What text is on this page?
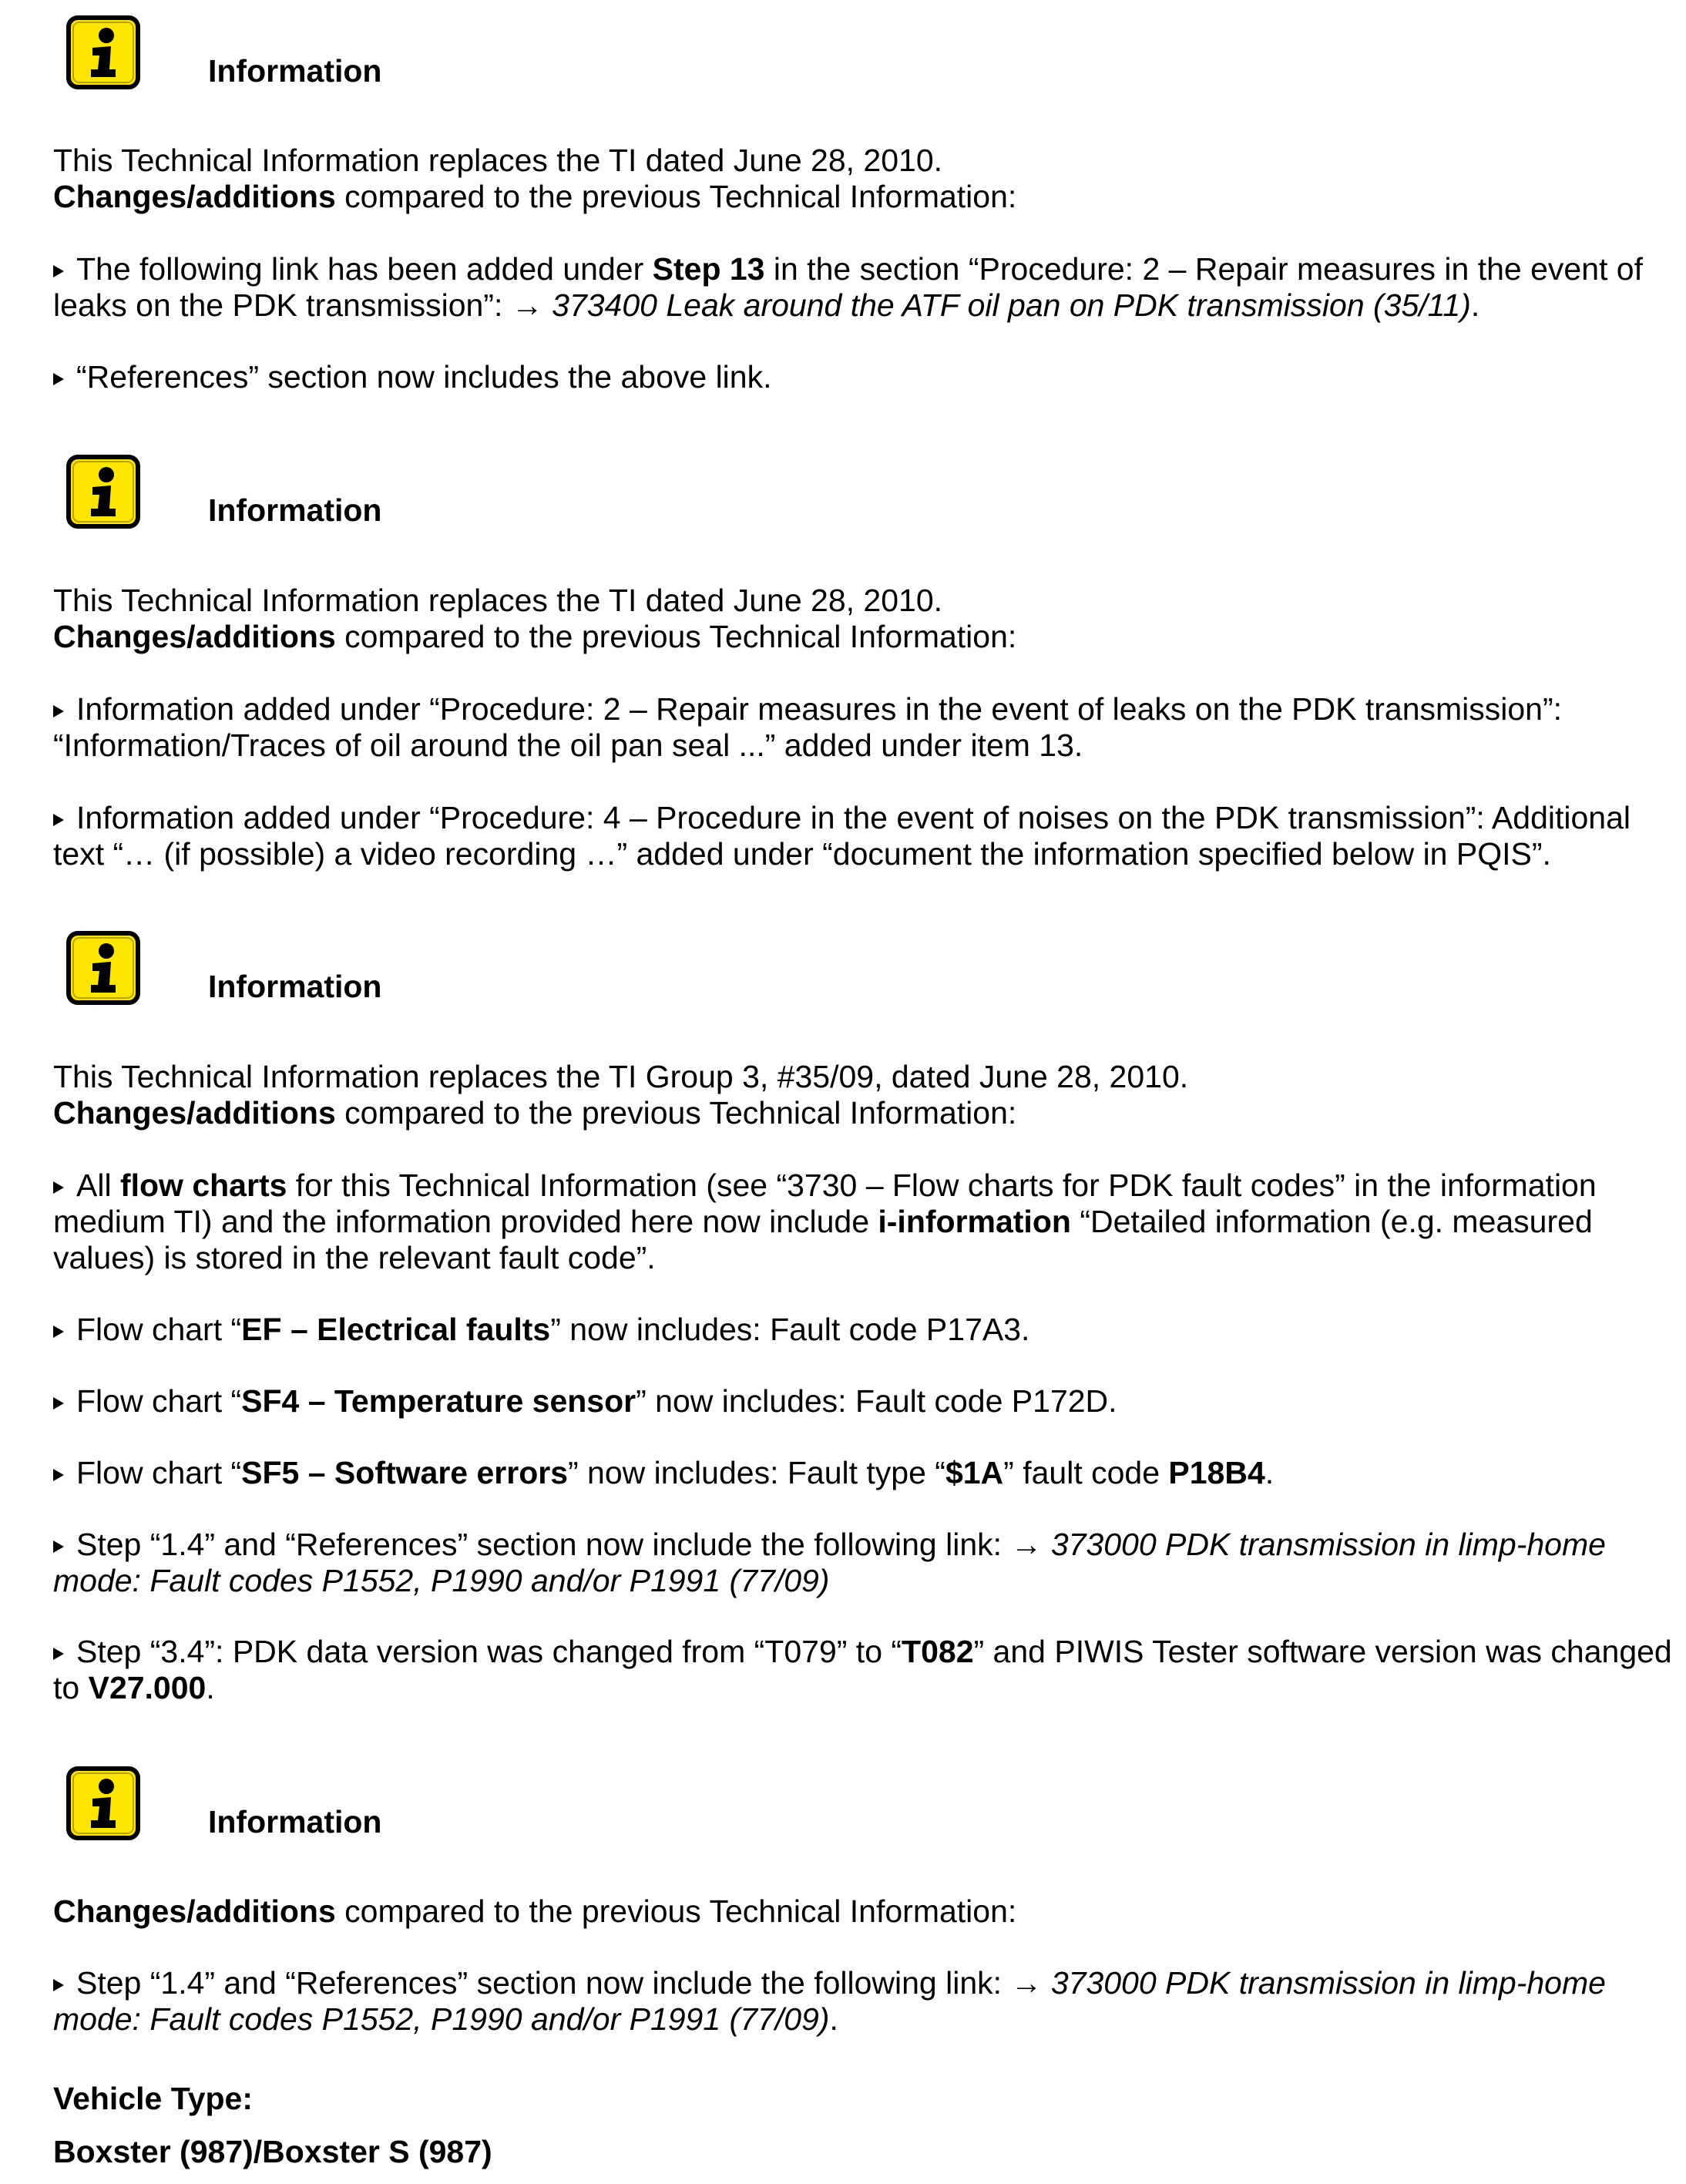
Information

This Technical Information replaces the TI dated June 28, 2010.
Changes/additions compared to the previous Technical Information:

The following link has been added under Step 13 in the section “Procedure: 2 – Repair measures in the event of leaks on the PDK transmission”: → 373400 Leak around the ATF oil pan on PDK transmission (35/11).

“References” section now includes the above link.

Information

This Technical Information replaces the TI dated June 28, 2010.
Changes/additions compared to the previous Technical Information:

Information added under “Procedure: 2 – Repair measures in the event of leaks on the PDK transmission”: “Information/Traces of oil around the oil pan seal ...” added under item 13.

Information added under “Procedure: 4 – Procedure in the event of noises on the PDK transmission”: Additional text “… (if possible) a video recording …” added under “document the information specified below in PQIS”.

Information

This Technical Information replaces the TI Group 3, #35/09, dated June 28, 2010.
Changes/additions compared to the previous Technical Information:

All flow charts for this Technical Information (see “3730 – Flow charts for PDK fault codes” in the information medium TI) and the information provided here now include i-information “Detailed information (e.g. measured values) is stored in the relevant fault code”.

Flow chart “EF – Electrical faults” now includes: Fault code P17A3.

Flow chart “SF4 – Temperature sensor” now includes: Fault code P172D.

Flow chart “SF5 – Software errors” now includes: Fault type “$1A” fault code P18B4.

Step “1.4” and “References” section now include the following link: → 373000 PDK transmission in limp-home mode: Fault codes P1552, P1990 and/or P1991 (77/09)

Step “3.4”: PDK data version was changed from “T079” to “T082” and PIWIS Tester software version was changed to V27.000.

Information

Changes/additions compared to the previous Technical Information:

Step “1.4” and “References” section now include the following link: → 373000 PDK transmission in limp-home mode: Fault codes P1552, P1990 and/or P1991 (77/09).

Vehicle Type:

Boxster (987)/Boxster S (987)
